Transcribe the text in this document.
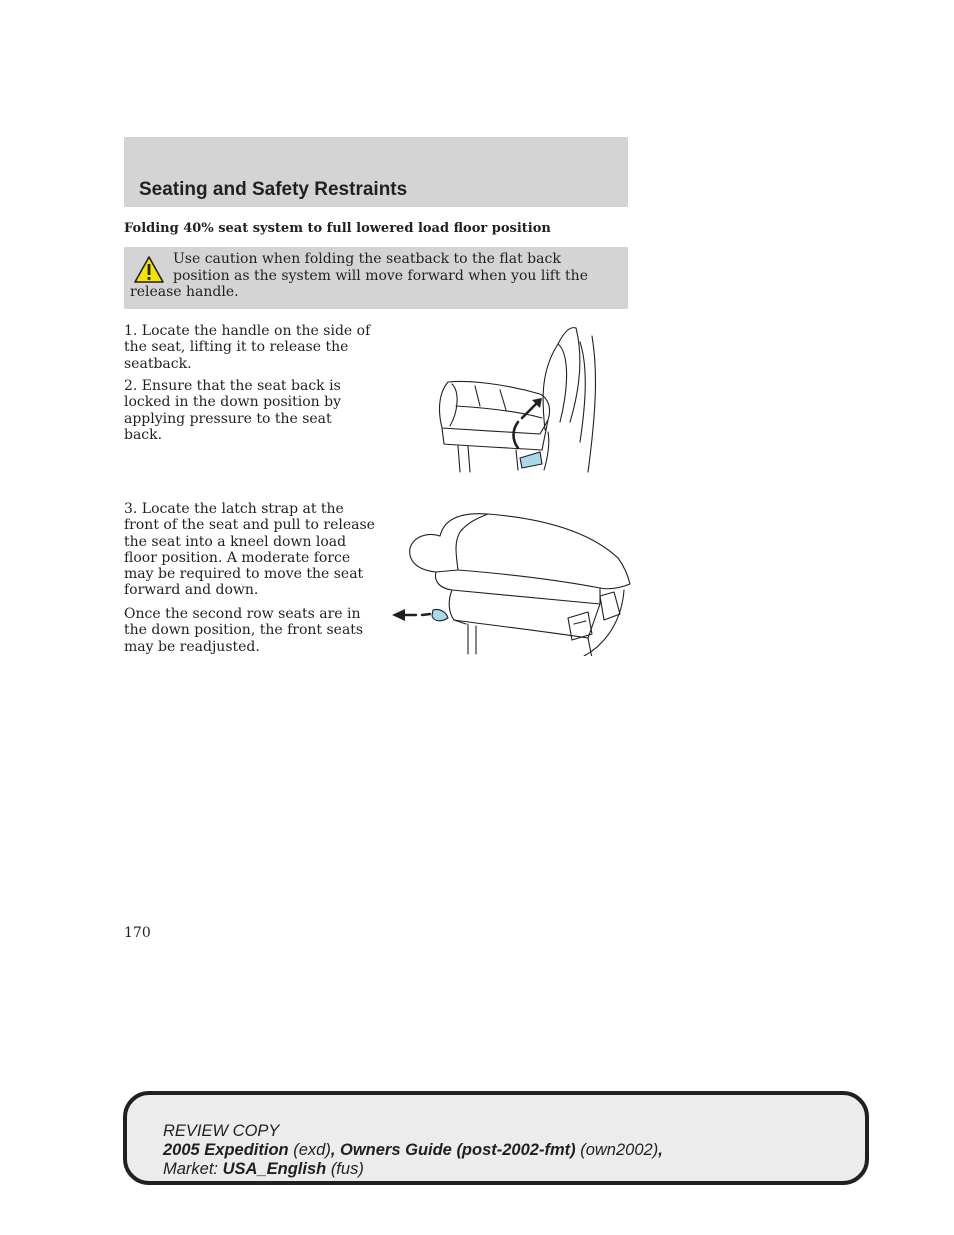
Seating and Safety Restraints

Folding 40% seat system to full lowered load floor position

Use caution when folding the seatback to the flat back position as the system will move forward when you lift the release handle.

1. Locate the handle on the side of the seat, lifting it to release the seatback.

2. Ensure that the seat back is locked in the down position by applying pressure to the seat back.

3. Locate the latch strap at the front of the seat and pull to release the seat into a kneel down load floor position. A moderate force may be required to move the seat forward and down.

Once the second row seats are in the down position, the front seats may be readjusted.

170

REVIEW COPY
2005 Expedition (exd), Owners Guide (post-2002-fmt) (own2002),
Market: USA_English (fus)
